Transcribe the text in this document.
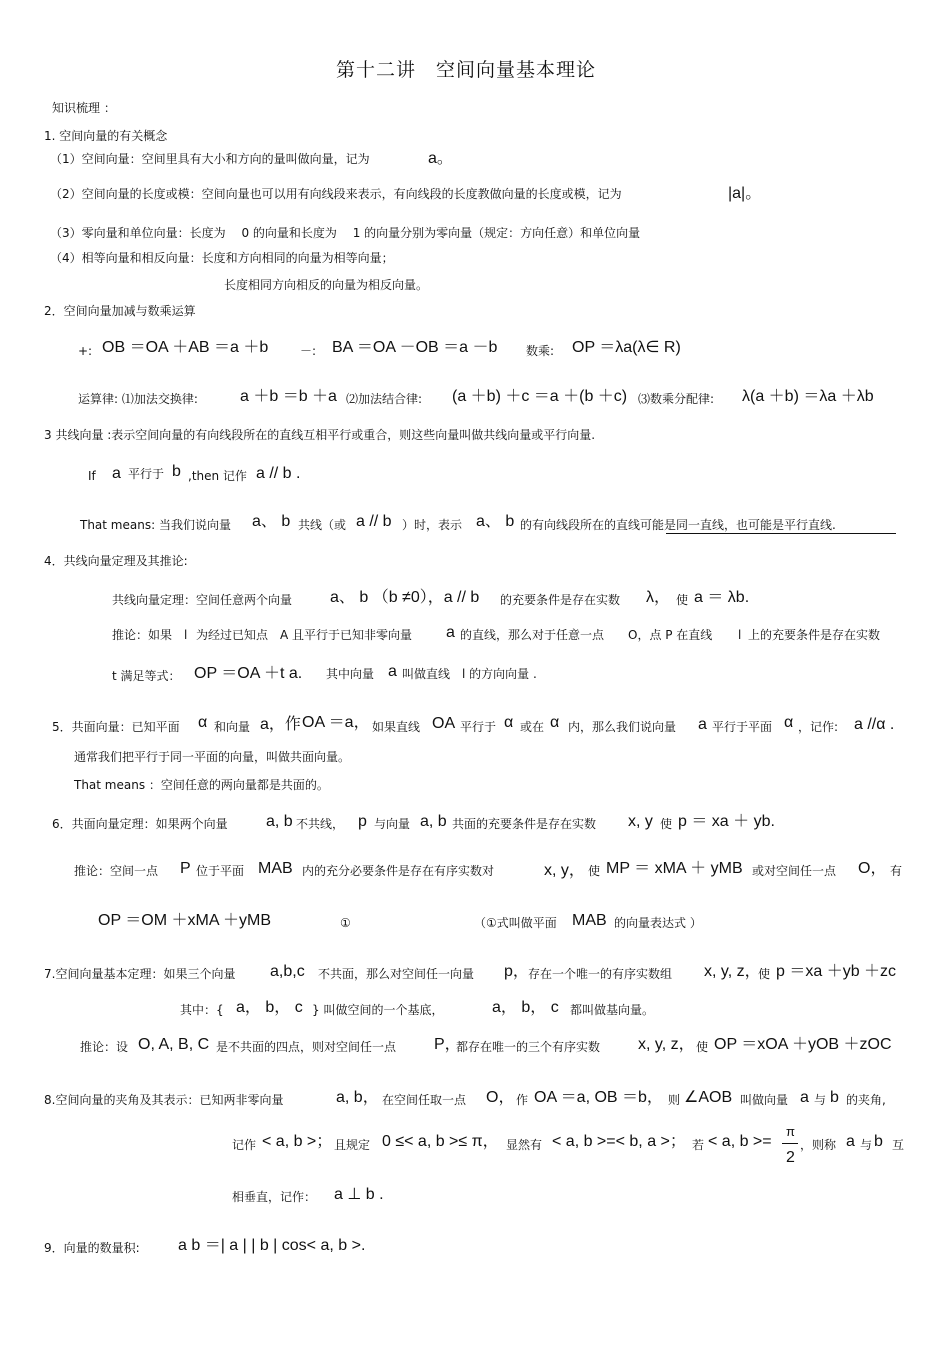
第十二讲　空间向量基本理论
知识梳理 ：
1. 空间向量的有关概念
（1）空间向量：空间里具有大小和方向的量叫做向量，记为	a。
（2）空间向量的长度或模：空间向量也可以用有向线段来表示，有向线段的长度教做向量的长度或模，记为	|a|。
（3）零向量和单位向量：长度为　 0 的向量和长度为　 1 的向量分别为零向量（规定：方向任意）和单位向量
（4）相等向量和相反向量：长度和方向相同的向量为相等向量；
长度相同方向相反的向量为相反向量。
2．空间向量加减与数乘运算
+: OB ＝OA ＋AB ＝a ＋b	－: BA ＝OA －OB ＝a －b 数乘: OP ＝λa(λ∈ R)
运算律: ⑴加法交换律:	a ＋b ＝b ＋a ⑵加法结合律: (a ＋b) ＋c ＝a ＋(b ＋c) ⑶数乘分配律: λ(a ＋b) ＝λa ＋λb
3 共线向量 :表示空间向量的有向线段所在的直线互相平行或重合，则这些向量叫做共线向量或平行向量.
If a 平行于 b ,then 记作 a // b .
That means: 当我们说向量 a、 b 共线（或 a // b ）时，表示 a、 b 的有向线段所在的直线可能是同一直线，也可能是平行直线.
4．共线向量定理及其推论:
共线向量定理：空间任意两个向量 a、 b （b ≠0），a // b 的充要条件是存在实数 λ， 使 a ＝ λb.
推论：如果 l 为经过已知点　A 且平行于已知非零向量 a 的直线，那么对于任意一点　　O，点 P 在直线 l 上的充要条件是存在实数
t 满足等式： OP ＝OA ＋t a. 其中向量 a 叫做直线　l 的方向向量 .
5．共面向量：已知平面 α 和向量 a，作 OA ＝a， 如果直线 OA 平行于 α 或在 α 内，那么我们说向量 a 平行于平面 α ，记作: a //α .
通常我们把平行于同一平面的向量，叫做共面向量。
That means ：空间任意的两向量都是共面的。
6．共面向量定理：如果两个向量 a, b 不共线， p 与向量 a, b 共面的充要条件是存在实数 x, y 使 p ＝ xa ＋ yb.
推论：空间一点 P 位于平面 MAB 内的充分必要条件是存在有序实数对	x, y， 使 MP ＝ xMA ＋ yMB 或对空间任一点 O， 有
OP ＝OM ＋xMA ＋yMB	①	（①式叫做平面 MAB 的向量表达式 ）
7.空间向量基本定理：如果三个向量 a,b,c 不共面，那么对空间任一向量 p， 存在一个唯一的有序实数组 x, y, z，
使 p ＝xa ＋yb ＋zc
其中：{ a， b， c } 叫做空间的一个基底，	a， b， c 都叫做基向量。
推论：设 O, A, B, C 是不共面的四点，则对空间任一点 P，
都存在唯一的三个有序实数 x, y, z， 使 OP ＝xOA ＋yOB ＋zOC
8.空间向量的夹角及其表示：已知两非零向量	a, b， 在空间任取一点 O， 作 OA ＝a, OB ＝b， 则 ∠AOB 叫做向量 a 与 b 的夹角,
记作 < a, b >； 且规定 0 ≤< a, b >≤ π， 显然有 < a, b >=< b, a >； 若 < a, b >=
π
2
，则称 a 与 b 互
相垂直，记作： a ⊥ b .
9．向量的数量积: a b ＝| a | | b | cos< a, b >.
